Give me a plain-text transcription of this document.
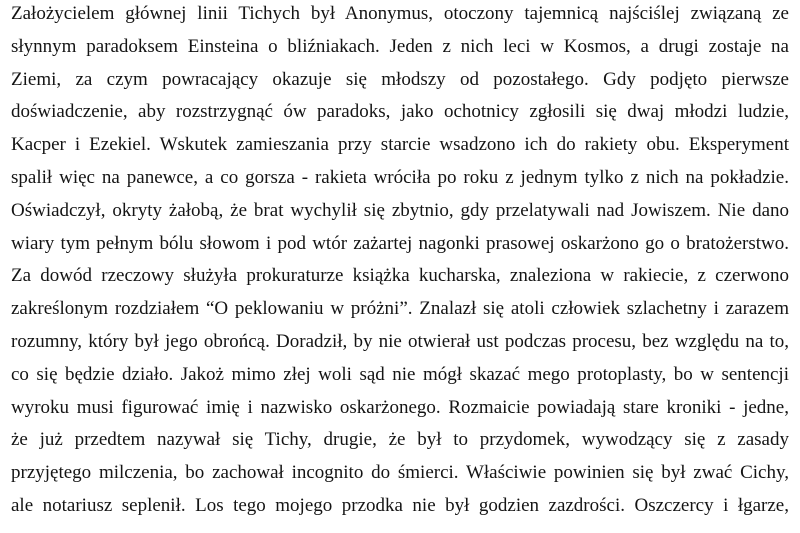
Założycielem głównej linii Tichych był Anonymus, otoczony tajemnicą najściślej związaną ze
słynnym paradoksem Einsteina o bliźniakach. Jeden z nich leci w Kosmos, a drugi zostaje na
Ziemi, za czym powracający okazuje się młodszy od pozostałego. Gdy podjęto pierwsze
doświadczenie, aby rozstrzygnąć ów paradoks, jako ochotnicy zgłosili się dwaj młodzi ludzie,
Kacper i Ezekiel. Wskutek zamieszania przy starcie wsadzono ich do rakiety obu. Eksperyment
spalił więc na panewce, a co gorsza - rakieta wróciła po roku z jednym tylko z nich na pokładzie.
Oświadczył, okryty żałobą, że brat wychylił się zbytnio, gdy przelatywali nad Jowiszem. Nie dano
wiary tym pełnym bólu słowom i pod wtór zażartej nagonki prasowej oskarżono go o bratożerstwo.
Za dowód rzeczowy służyła prokuraturze książka kucharska, znaleziona w rakiecie, z czerwono
zakreślonym rozdziałem “O peklowaniu w próżni”. Znalazł się atoli człowiek szlachetny i zarazem
rozumny, który był jego obrońcą. Doradził, by nie otwierał ust podczas procesu, bez względu na to,
co się będzie działo. Jakoż mimo złej woli sąd nie mógł skazać mego protoplasty, bo w sentencji
wyroku musi figurować imię i nazwisko oskarżonego. Rozmaicie powiadają stare kroniki - jedne,
że już przedtem nazywał się Tichy, drugie, że był to przydomek, wywodzący się z zasady
przyjętego milczenia, bo zachował incognito do śmierci. Właściwie powinien się był zwać Cichy,
ale notariusz seplenił. Los tego mojego przodka nie był godzien zazdrości. Oszczercy i łgarze,
